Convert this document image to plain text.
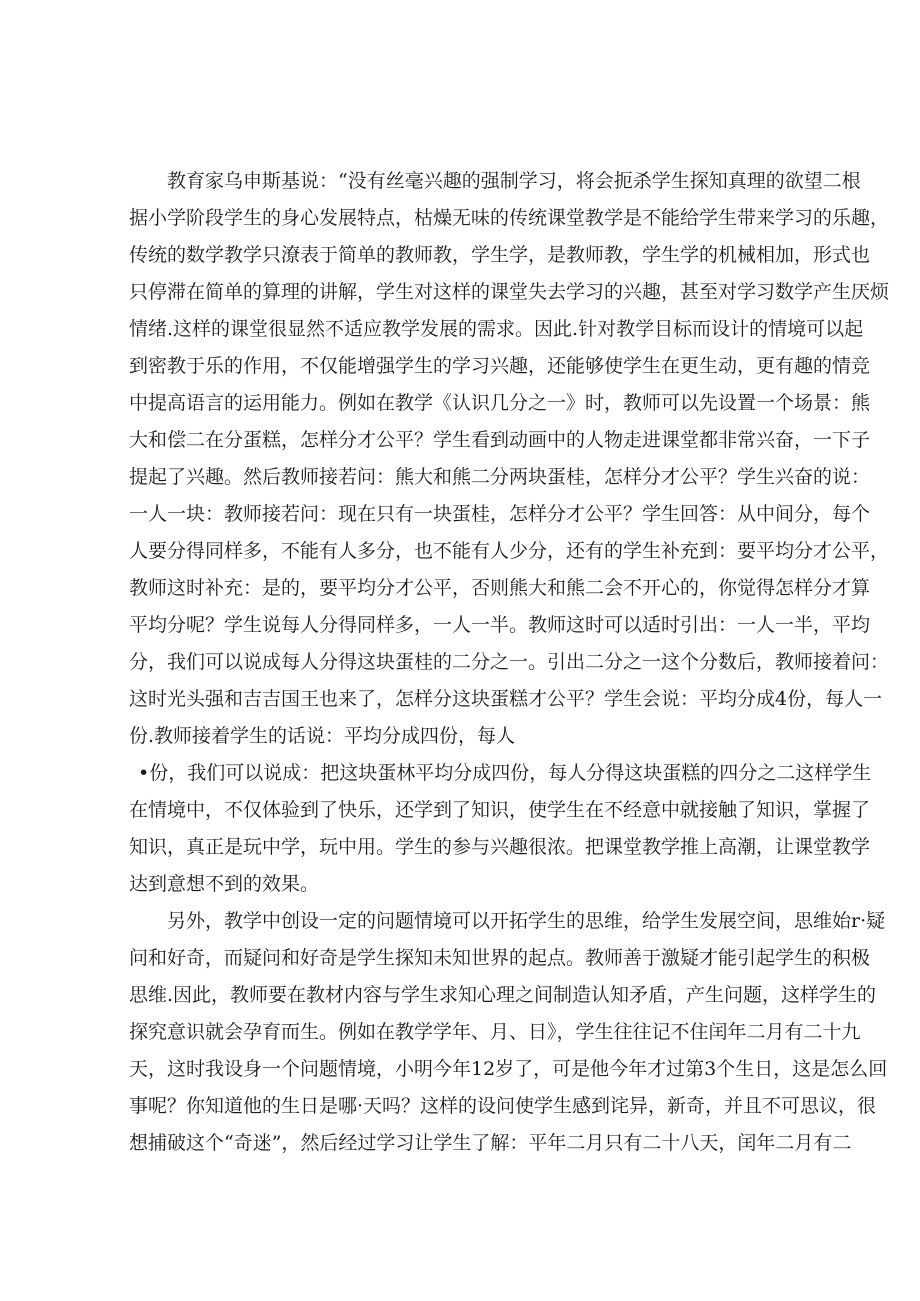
教育家乌申斯基说：“没有丝毫兴趣的强制学习，将会扼杀学生探知真理的欲望二根
据小学阶段学生的身心发展特点，枯燥无味的传统课堂教学是不能给学生带来学习的乐趣，
传统的数学教学只潦表于简单的教师教，学生学，是教师教，学生学的机械相加，形式也
只停滞在简单的算理的讲解，学生对这样的课堂失去学习的兴趣，甚至对学习数学产生厌烦
情绪.这样的课堂很显然不适应教学发展的需求。因此.针对教学目标而设计的情境可以起
到密教于乐的作用，不仅能增强学生的学习兴趣，还能够使学生在更生动，更有趣的情竞
中提高语言的运用能力。例如在教学《认识几分之一》时，教师可以先设置一个场景：熊
大和偿二在分蛋糕，怎样分才公平？学生看到动画中的人物走进课堂都非常兴奋，一下子
提起了兴趣。然后教师接若问：熊大和熊二分两块蛋桂，怎样分才公平？学生兴奋的说：
一人一块：教师接若问：现在只有一块蛋桂，怎样分才公平？学生回答：从中间分，每个
人要分得同样多，不能有人多分，也不能有人少分，还有的学生补充到：要平均分才公平，
教师这时补充：是的，要平均分才公平，否则熊大和熊二会不开心的，你觉得怎样分才算
平均分呢？学生说每人分得同样多，一人一半。教师这时可以适时引出：一人一半，平均
分，我们可以说成每人分得这块蛋桂的二分之一。引出二分之一这个分数后，教师接着问：
这时光头强和吉吉国王也来了，怎样分这块蛋糕才公平？学生会说：平均分成4份，每人一
份.教师接着学生的话说：平均分成四份，每人
•份，我们可以说成：把这块蛋林平均分成四份，每人分得这块蛋糕的四分之二这样学生
在情境中，不仅体验到了快乐，还学到了知识，使学生在不经意中就接触了知识，掌握了
知识，真正是玩中学，玩中用。学生的参与兴趣很浓。把课堂教学推上高潮，让课堂教学
达到意想不到的效果。
另外，教学中创设一定的问题情境可以开拓学生的思维，给学生发展空间，思维始r·疑
问和好奇，而疑问和好奇是学生探知未知世界的起点。教师善于激疑才能引起学生的积极
思维.因此，教师要在教材内容与学生求知心理之间制造认知矛盾，产生问题，这样学生的
探究意识就会孕育而生。例如在教学学年、月、日》，学生往往记不住闰年二月有二十九
天，这时我设身一个问题情境，小明今年12岁了，可是他今年才过第3个生日，这是怎么回
事呢？你知道他的生日是哪·天吗？这样的设问使学生感到诧异，新奇，并且不可思议，很
想捕破这个“奇迷”，然后经过学习让学生了解：平年二月只有二十八天，闰年二月有二
